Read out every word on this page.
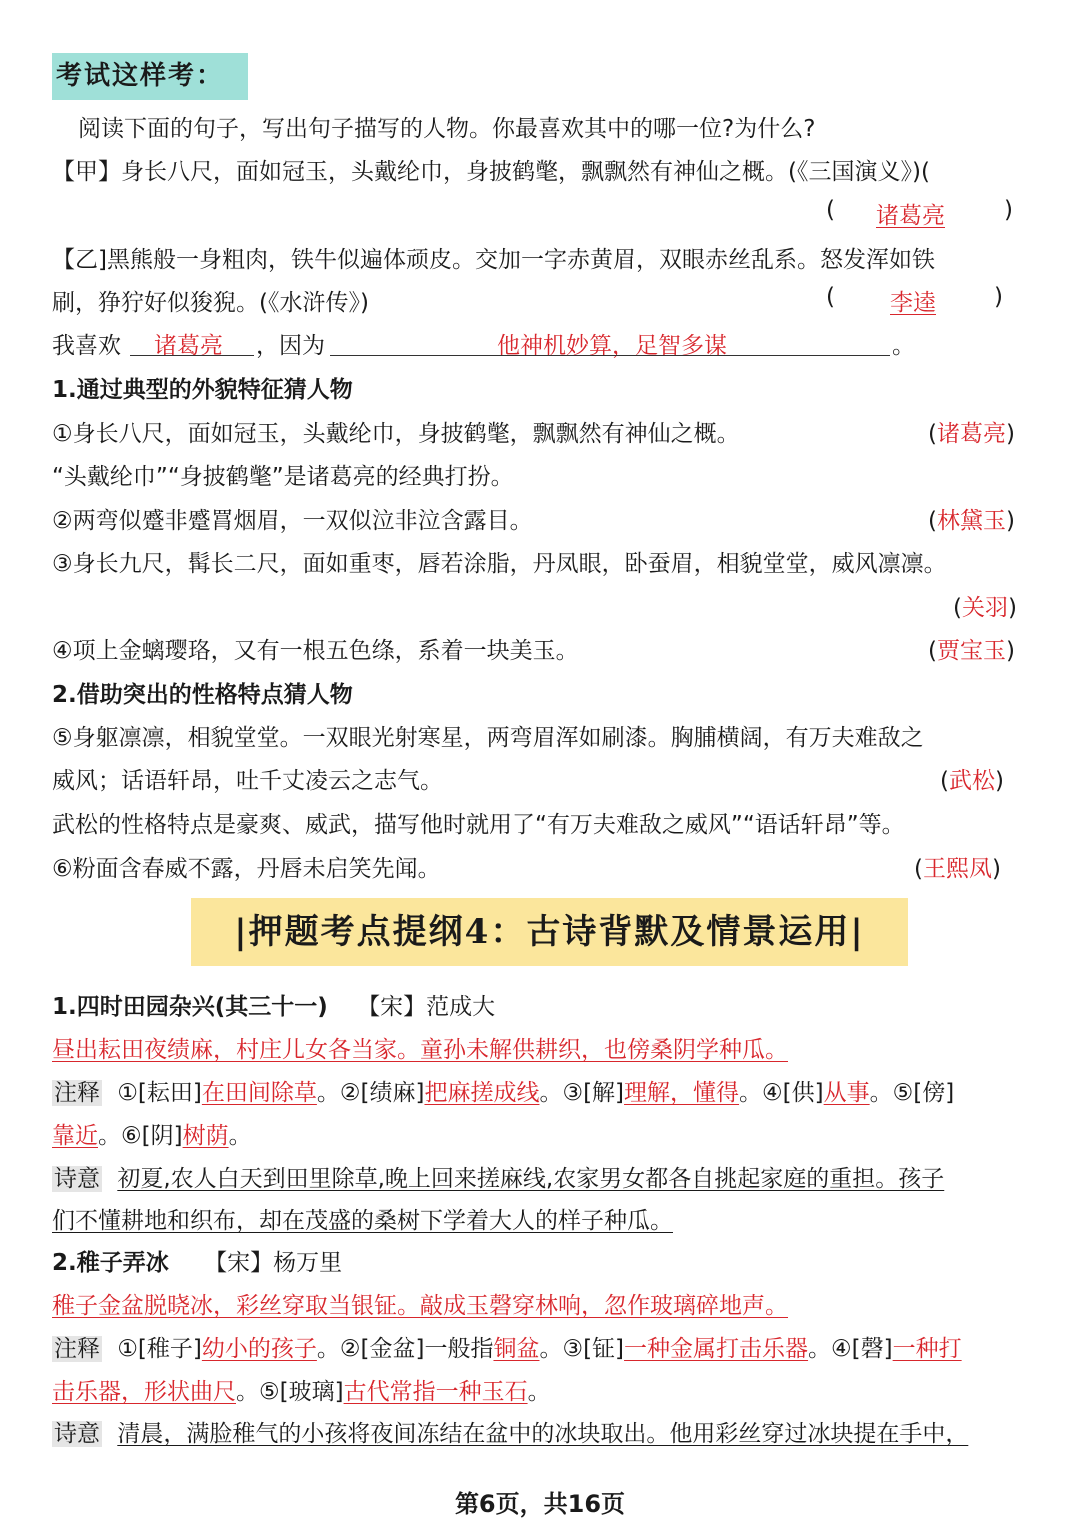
考试这样考：
阅读下面的句子，写出句子描写的人物。你最喜欢其中的哪一位?为什么?
【甲】身长八尺，面如冠玉，头戴纶巾，身披鹤氅，飘飘然有神仙之概。(《三国演义》)(
( 诸葛亮	)
【乙]黑熊般一身粗肉，铁牛似遍体顽皮。交加一字赤黄眉，双眼赤丝乱系。怒发浑如铁
刷，狰狞好似狻猊。(《水浒传》)	( 李逵	)
我喜欢 诸葛亮 ，因为	他神机妙算，足智多谋	。
1.通过典型的外貌特征猜人物
①身长八尺，面如冠玉，头戴纶巾，身披鹤氅，飘飘然有神仙之概。	(诸葛亮)
“头戴纶巾”“身披鹤氅”是诸葛亮的经典打扮。
②两弯似蹙非蹙罥烟眉，一双似泣非泣含露目。	(林黛玉)
③身长九尺，髯长二尺，面如重枣，唇若涂脂，丹凤眼，卧蚕眉，相貌堂堂，威风凛凛。
(关羽)
④项上金螭璎珞，又有一根五色绦，系着一块美玉。	(贾宝玉)
2.借助突出的性格特点猜人物
⑤身躯凛凛，相貌堂堂。一双眼光射寒星，两弯眉浑如刷漆。胸脯横阔，有万夫难敌之
威风；话语轩昂，吐千丈凌云之志气。	(武松)
武松的性格特点是豪爽、威武，描写他时就用了“有万夫难敌之威风”“语话轩昂”等。
⑥粉面含春威不露，丹唇未启笑先闻。	(王熙凤)
|押题考点提纲4：古诗背默及情景运用|
1.四时田园杂兴(其三十一) 【宋】范成大
昼出耘田夜绩麻，村庄儿女各当家。童孙未解供耕织，也傍桑阴学种瓜。
注释 ①[耘田]在田间除草。②[绩麻]把麻搓成线。③[解]理解，懂得。④[供]从事。⑤[傍]
靠近。⑥[阴]树荫。
诗意 初夏,农人白天到田里除草,晚上回来搓麻线,农家男女都各自挑起家庭的重担。孩子
们不懂耕地和织布，却在茂盛的桑树下学着大人的样子种瓜。
2.稚子弄冰 【宋】杨万里
稚子金盆脱晓冰，彩丝穿取当银钲。敲成玉磬穿林响，忽作玻璃碎地声。
注释 ①[稚子]幼小的孩子。②[金盆]一般指铜盆。③[钲]一种金属打击乐器。④[磬]一种打
击乐器，形状曲尺。⑤[玻璃]古代常指一种玉石。
诗意 清晨，满脸稚气的小孩将夜间冻结在盆中的冰块取出。他用彩丝穿过冰块提在手中，
第6页，共16页
